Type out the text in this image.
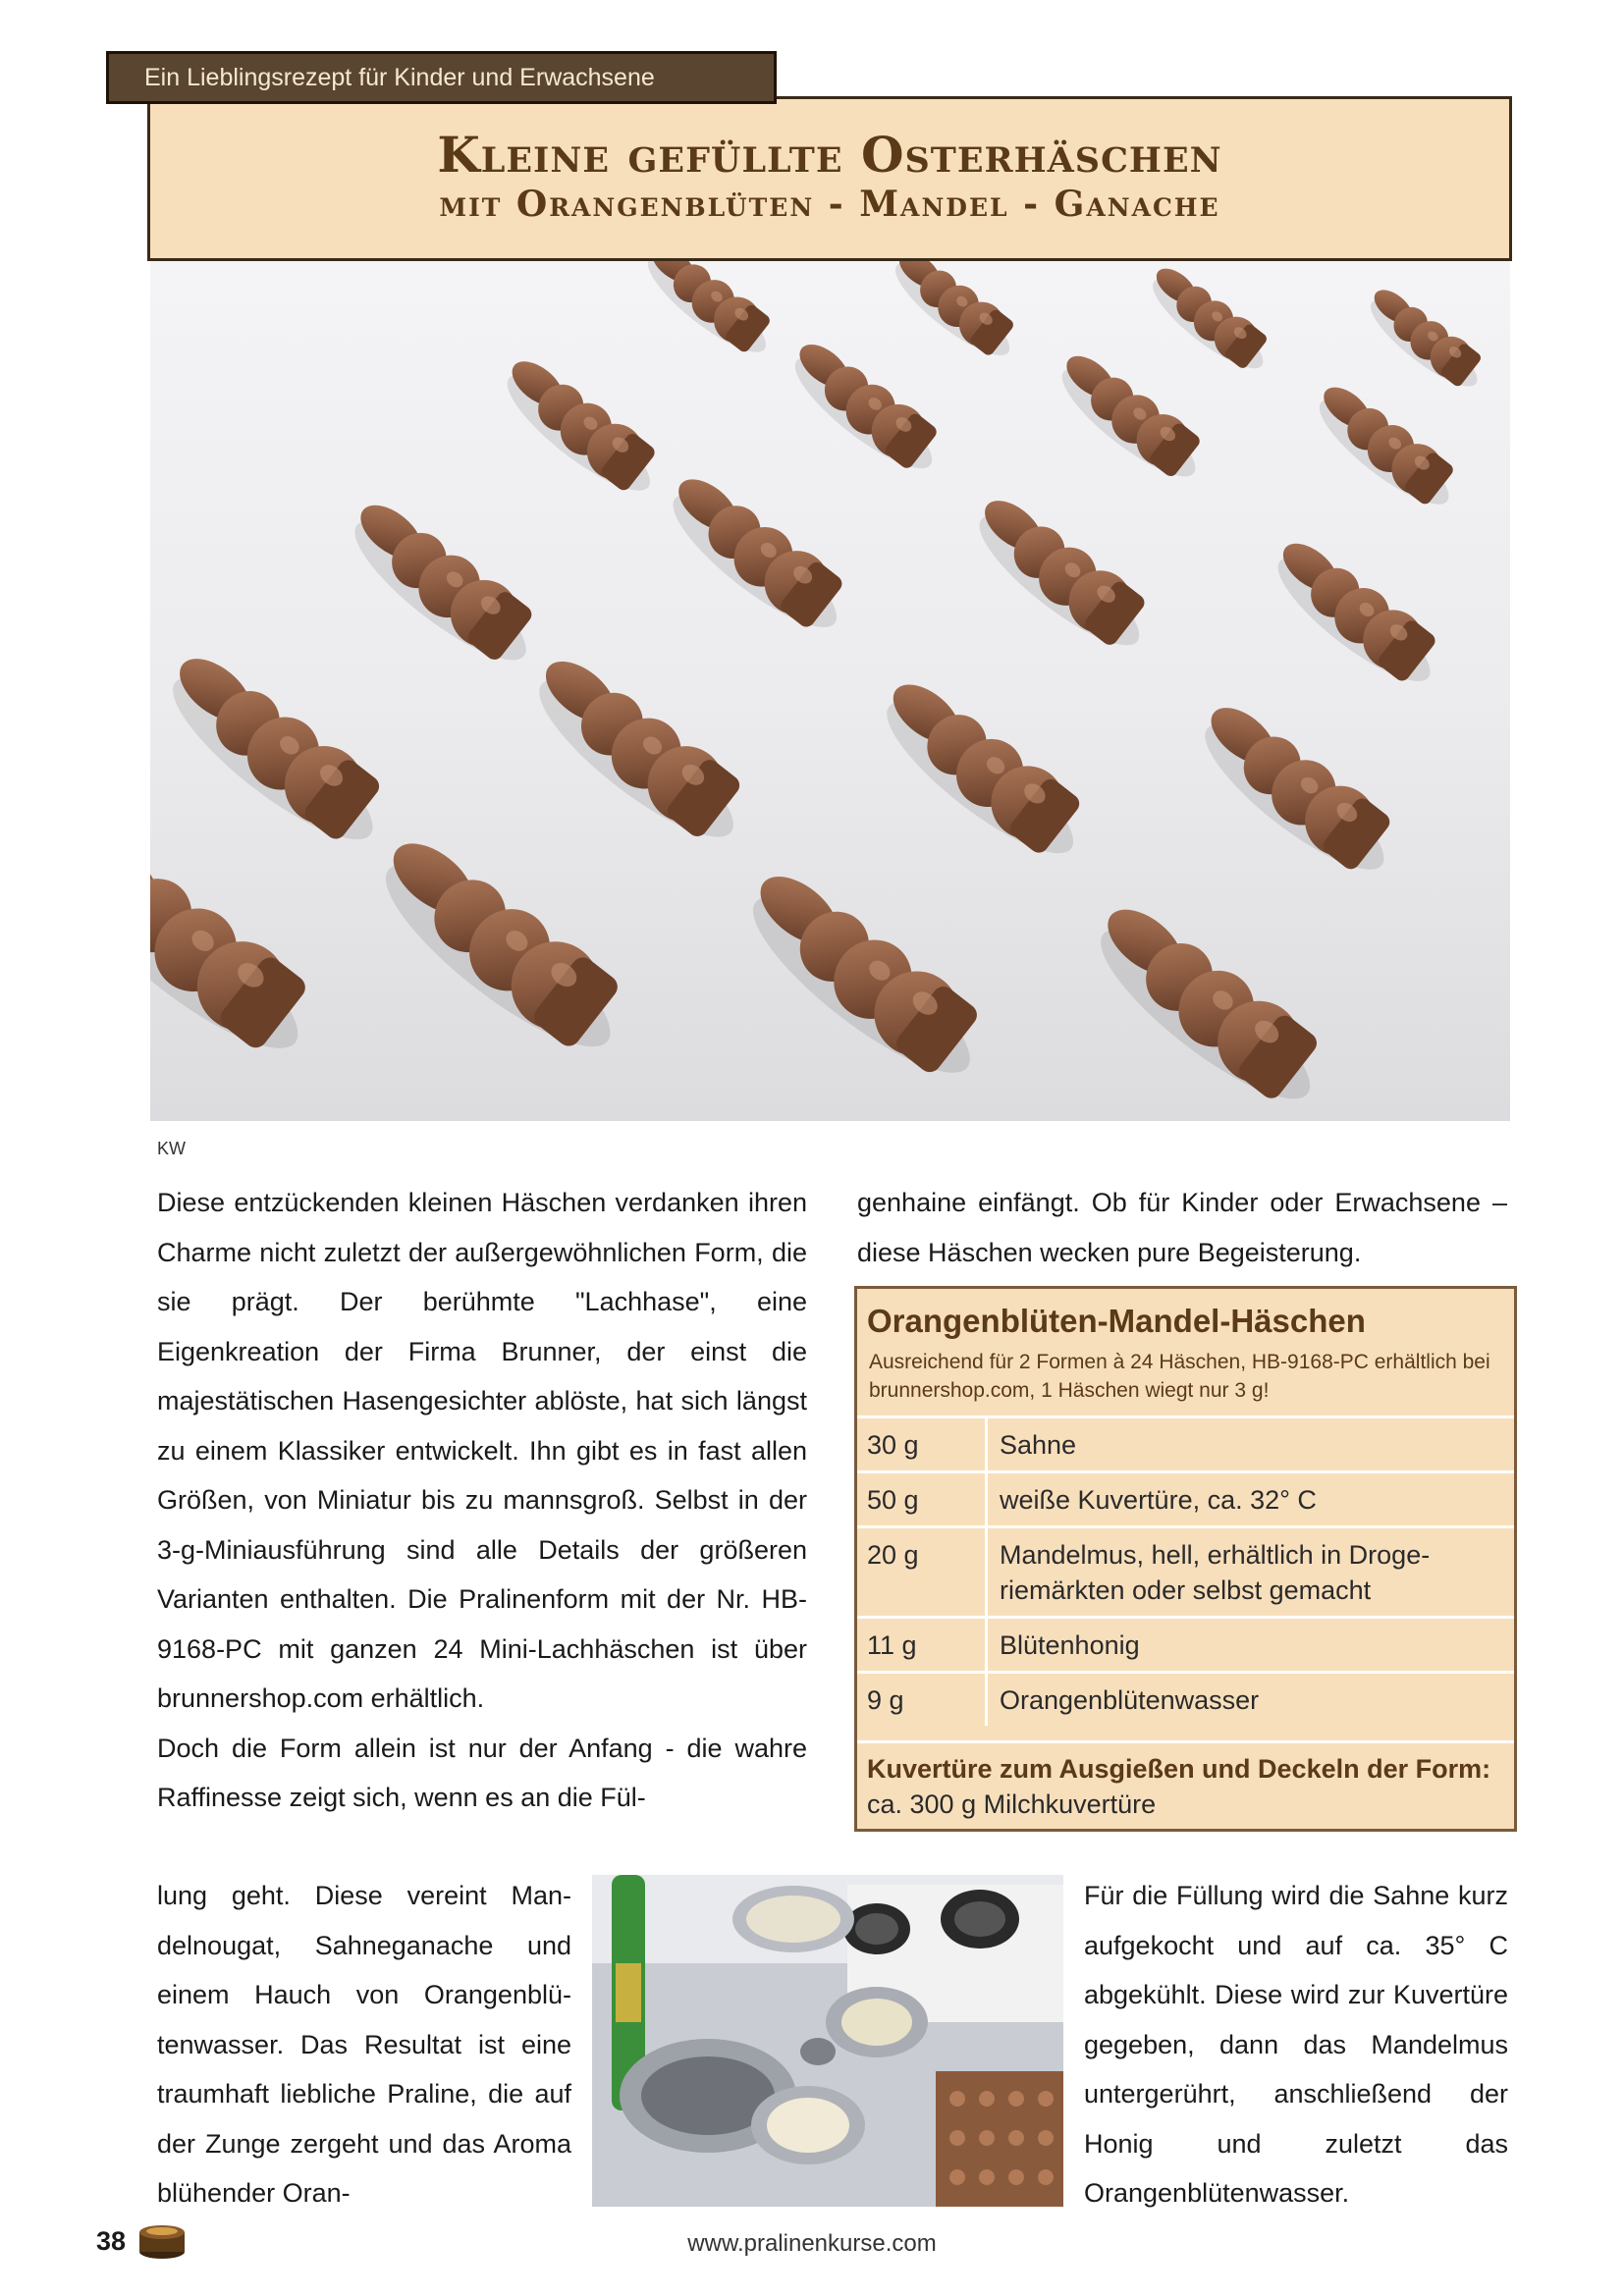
Ein Lieblingsrezept für Kinder und Erwachsene
Kleine gefüllte Osterhäschen
mit Orangenblüten - Mandel - Ganache
KW

Diese entzückenden kleinen Häschen verdanken ihren Charme nicht zuletzt der außergewöhnlichen Form, die sie prägt. Der berühmte "Lachhase", eine Eigenkreation der Firma Brunner, der einst die majestätischen Hasengesichter ablöste, hat sich längst zu einem Klassiker entwickelt. Ihn gibt es in fast allen Größen, von Miniatur bis zu mannsgroß. Selbst in der 3-g-Miniausführung sind alle Details der größeren Varianten enthalten. Die Pralinenform mit der Nr. HB-9168-PC mit ganzen 24 Mini-Lachhäschen ist über brunnershop.com erhältlich.

Doch die Form allein ist nur der Anfang - die wahre Raffinesse zeigt sich, wenn es an die Fül-

lung geht. Diese vereint Mandelnougat, Sahneganache und einem Hauch von Orangenblütenwasser. Das Resultat ist eine traumhaft liebliche Praline, die auf der Zunge zergeht und das Aroma blühender Oran-

genhaine einfängt. Ob für Kinder oder Erwachsene – diese Häschen wecken pure Begeisterung.

Orangenblüten-Mandel-Häschen
Ausreichend für 2 Formen à 24 Häschen, HB-9168-PC erhältlich bei brunnershop.com, 1 Häschen wiegt nur 3 g!
30 g	Sahne
50 g	weiße Kuvertüre, ca. 32° C
20 g	Mandelmus, hell, erhältlich in Drogeriemärkten oder selbst gemacht
11 g	Blütenhonig
9 g	Orangenblütenwasser
Kuvertüre zum Ausgießen und Deckeln der Form: ca. 300 g Milchkuvertüre

Für die Füllung wird die Sahne kurz aufgekocht und auf ca. 35° C abgekühlt. Diese wird zur Kuvertüre gegeben, dann das Mandelmus untergerührt, anschließend der Honig und zuletzt das Orangenblütenwasser.

38	www.pralinenkurse.com
